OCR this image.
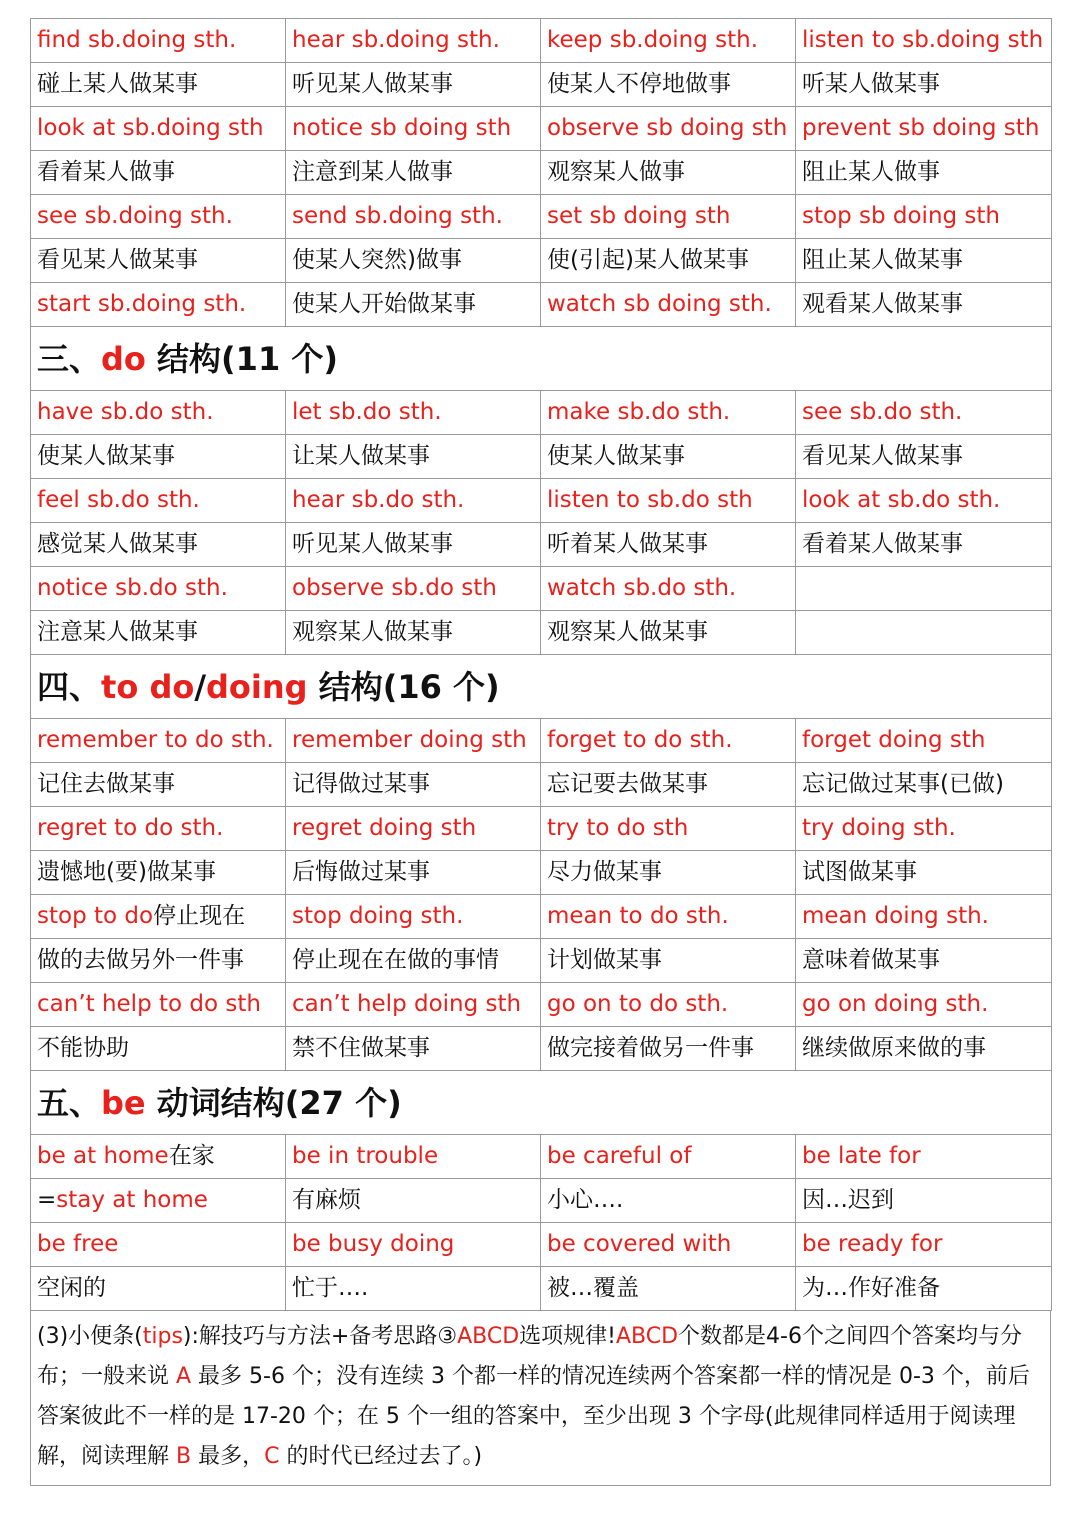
find sb.doing sth.	hear sb.doing sth.	keep sb.doing sth.	listen to sb.doing sth
碰上某人做某事	听见某人做某事	使某人不停地做事	听某人做某事
look at sb.doing sth	notice sb doing sth	observe sb doing sth	prevent sb doing sth
看着某人做事	注意到某人做事	观察某人做事	阻止某人做事
see sb.doing sth.	send sb.doing sth.	set sb doing sth	stop sb doing sth
看见某人做某事	使某人突然)做事	使(引起)某人做某事	阻止某人做某事
start sb.doing sth.	使某人开始做某事	watch sb doing sth.	观看某人做某事
三、do 结构(11 个)			
have sb.do sth.	let sb.do sth.	make sb.do sth.	see sb.do sth.
使某人做某事	让某人做某事	使某人做某事	看见某人做某事
feel sb.do sth.	hear sb.do sth.	listen to sb.do sth	look at sb.do sth.
感觉某人做某事	听见某人做某事	听着某人做某事	看着某人做某事
notice sb.do sth.	observe sb.do sth	watch sb.do sth.	
注意某人做某事	观察某人做某事	观察某人做某事	
四、to do/doing 结构(16 个)			
remember to do sth.	remember doing sth	forget to do sth.	forget doing sth
记住去做某事	记得做过某事	忘记要去做某事	忘记做过某事(已做)
regret to do sth.	regret doing sth	try to do sth	try doing sth.
遗憾地(要)做某事	后悔做过某事	尽力做某事	试图做某事
stop to do停止现在	stop doing sth.	mean to do sth.	mean doing sth.
做的去做另外一件事	停止现在在做的事情	计划做某事	意味着做某事
can’t help to do sth	can’t help doing sth	go on to do sth.	go on doing sth.
不能协助	禁不住做某事	做完接着做另一件事	继续做原来做的事
五、be 动词结构(27 个)			
be at home在家	be in trouble	be careful of	be late for
=stay at home	有麻烦	小心….	因…迟到
be free	be busy doing	be covered with	be ready for
空闲的	忙于….	被…覆盖	为…作好准备
(3)小便条(tips):解技巧与方法+备考思路③ABCD选项规律!ABCD个数都是4-6个之间四个答案均与分布；一般来说 A 最多 5-6 个；没有连续 3 个都一样的情况连续两个答案都一样的情况是 0-3 个，前后答案彼此不一样的是 17-20 个；在 5 个一组的答案中，至少出现 3 个字母(此规律同样适用于阅读理解，阅读理解 B 最多，C 的时代已经过去了。)
